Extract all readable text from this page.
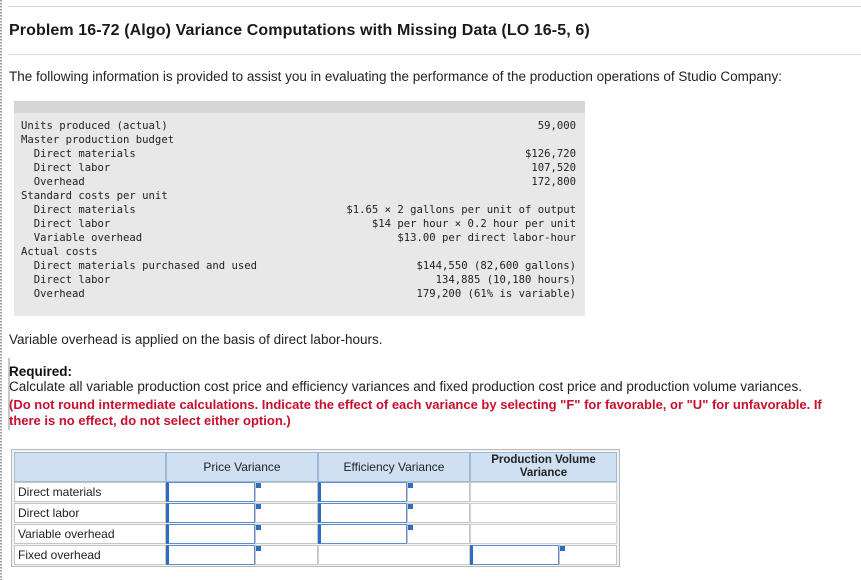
Problem 16-72 (Algo) Variance Computations with Missing Data (LO 16-5, 6)
The following information is provided to assist you in evaluating the performance of the production operations of Studio Company:
Units produced (actual)	59,000
Master production budget
Direct materials	$126,720
Direct labor	107,520
Overhead	172,800
Standard costs per unit
Direct materials	$1.65 × 2 gallons per unit of output
Direct labor	$14 per hour × 0.2 hour per unit
Variable overhead	$13.00 per direct labor-hour
Actual costs
Direct materials purchased and used	$144,550 (82,600 gallons)
Direct labor	134,885 (10,180 hours)
Overhead	179,200 (61% is variable)
Variable overhead is applied on the basis of direct labor-hours.
Required:
Calculate all variable production cost price and efficiency variances and fixed production cost price and production volume variances.
(Do not round intermediate calculations. Indicate the effect of each variance by selecting "F" for favorable, or "U" for unfavorable. If there is no effect, do not select either option.)
Price Variance	Efficiency Variance	Production Volume Variance
Direct materials
Direct labor
Variable overhead
Fixed overhead
